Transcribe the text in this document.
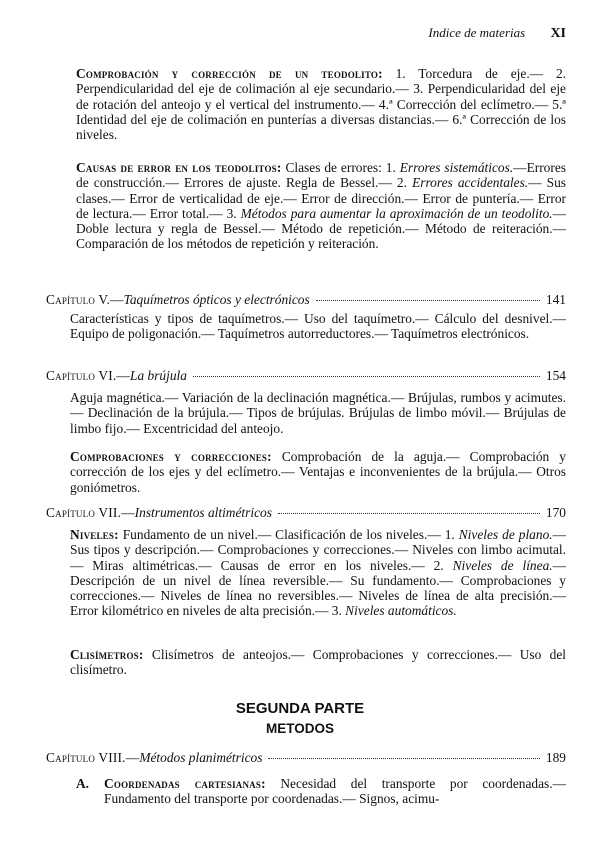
Indice de materias XI
Comprobación y corrección de un teodolito: 1. Torcedura de eje.— 2. Perpendicularidad del eje de colimación al eje secundario.— 3. Perpendicularidad del eje de rotación del anteojo y el vertical del instrumento.— 4.ª Corrección del eclímetro.— 5.ª Identidad del eje de colimación en punterías a diversas distancias.— 6.ª Corrección de los niveles.
Causas de error en los teodolitos: Clases de errores: 1. Errores sistemáticos.—Errores de construcción.— Errores de ajuste. Regla de Bessel.— 2. Errores accidentales.— Sus clases.— Error de verticalidad de eje.— Error de dirección.— Error de puntería.— Error de lectura.— Error total.— 3. Métodos para aumentar la aproximación de un teodolito.— Doble lectura y regla de Bessel.— Método de repetición.— Método de reiteración.— Comparación de los métodos de repetición y reiteración.
Capítulo V.— Taquímetros ópticos y electrónicos	141
Características y tipos de taquímetros.— Uso del taquímetro.— Cálculo del desnivel.— Equipo de poligonación.— Taquímetros autorreductores.— Taquímetros electrónicos.
Capítulo VI.— La brújula	154
Aguja magnética.— Variación de la declinación magnética.— Brújulas, rumbos y acimutes.— Declinación de la brújula.— Tipos de brújulas. Brújulas de limbo móvil.— Brújulas de limbo fijo.— Excentricidad del anteojo.
Comprobaciones y correcciones: Comprobación de la aguja.— Comprobación y corrección de los ejes y del eclímetro.— Ventajas e inconvenientes de la brújula.— Otros goniómetros.
Capítulo VII.— Instrumentos altimétricos	170
Niveles: Fundamento de un nivel.— Clasificación de los niveles.— 1. Niveles de plano.— Sus tipos y descripción.— Comprobaciones y correcciones.— Niveles con limbo acimutal.— Miras altimétricas.— Causas de error en los niveles.— 2. Niveles de línea.— Descripción de un nivel de línea reversible.— Su fundamento.— Comprobaciones y correcciones.— Niveles de línea no reversibles.— Niveles de línea de alta precisión.— Error kilométrico en niveles de alta precisión.— 3. Niveles automáticos.
Clisímetros: Clisímetros de anteojos.— Comprobaciones y correcciones.— Uso del clisímetro.
SEGUNDA PARTE
METODOS
Capítulo VIII.— Métodos planimétricos	189
A.	Coordenadas cartesianas: Necesidad del transporte por coordenadas.— Fundamento del transporte por coordenadas.— Signos, acimu-
